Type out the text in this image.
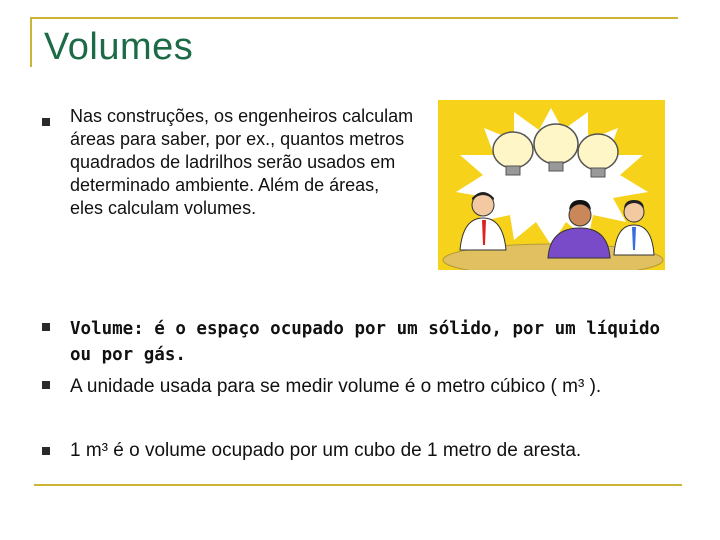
Volumes
Nas construções, os engenheiros calculam áreas para saber, por ex., quantos metros quadrados de ladrilhos serão usados em determinado ambiente. Além de áreas, eles calculam volumes.
Volume: é o espaço ocupado por um sólido, por um líquido ou por gás.
A unidade usada para se medir volume é o metro cúbico ( m³ ).
1 m³ é o volume ocupado por um cubo de 1 metro de aresta.
